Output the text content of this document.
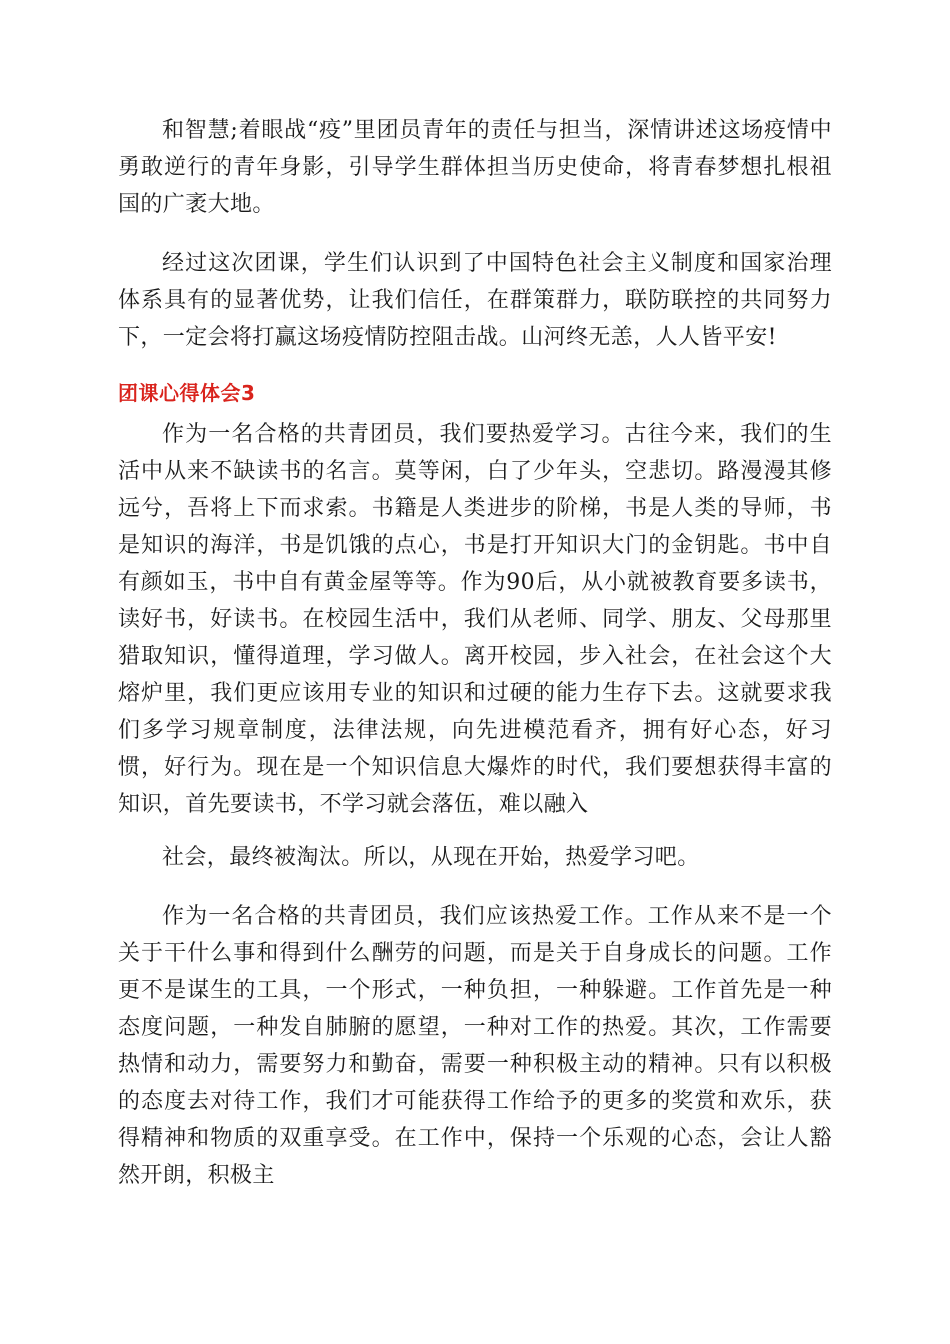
和智慧;着眼战“疫”里团员青年的责任与担当，深情讲述这场疫情中勇敢逆行的青年身影，引导学生群体担当历史使命，将青春梦想扎根祖国的广袤大地。

经过这次团课，学生们认识到了中国特色社会主义制度和国家治理体系具有的显著优势，让我们信任，在群策群力，联防联控的共同努力下，一定会将打赢这场疫情防控阻击战。山河终无恙，人人皆平安!

团课心得体会3

作为一名合格的共青团员，我们要热爱学习。古往今来，我们的生活中从来不缺读书的名言。莫等闲，白了少年头，空悲切。路漫漫其修远兮，吾将上下而求索。书籍是人类进步的阶梯，书是人类的导师，书是知识的海洋，书是饥饿的点心，书是打开知识大门的金钥匙。书中自有颜如玉，书中自有黄金屋等等。作为90后，从小就被教育要多读书，读好书，好读书。在校园生活中，我们从老师、同学、朋友、父母那里猎取知识，懂得道理，学习做人。离开校园，步入社会，在社会这个大熔炉里，我们更应该用专业的知识和过硬的能力生存下去。这就要求我们多学习规章制度，法律法规，向先进模范看齐，拥有好心态，好习惯，好行为。现在是一个知识信息大爆炸的时代，我们要想获得丰富的知识，首先要读书，不学习就会落伍，难以融入

社会，最终被淘汰。所以，从现在开始，热爱学习吧。

作为一名合格的共青团员，我们应该热爱工作。工作从来不是一个关于干什么事和得到什么酬劳的问题，而是关于自身成长的问题。工作更不是谋生的工具，一个形式，一种负担，一种躲避。工作首先是一种态度问题，一种发自肺腑的愿望，一种对工作的热爱。其次，工作需要热情和动力，需要努力和勤奋，需要一种积极主动的精神。只有以积极的态度去对待工作，我们才可能获得工作给予的更多的奖赏和欢乐，获得精神和物质的双重享受。在工作中，保持一个乐观的心态，会让人豁然开朗，积极主
